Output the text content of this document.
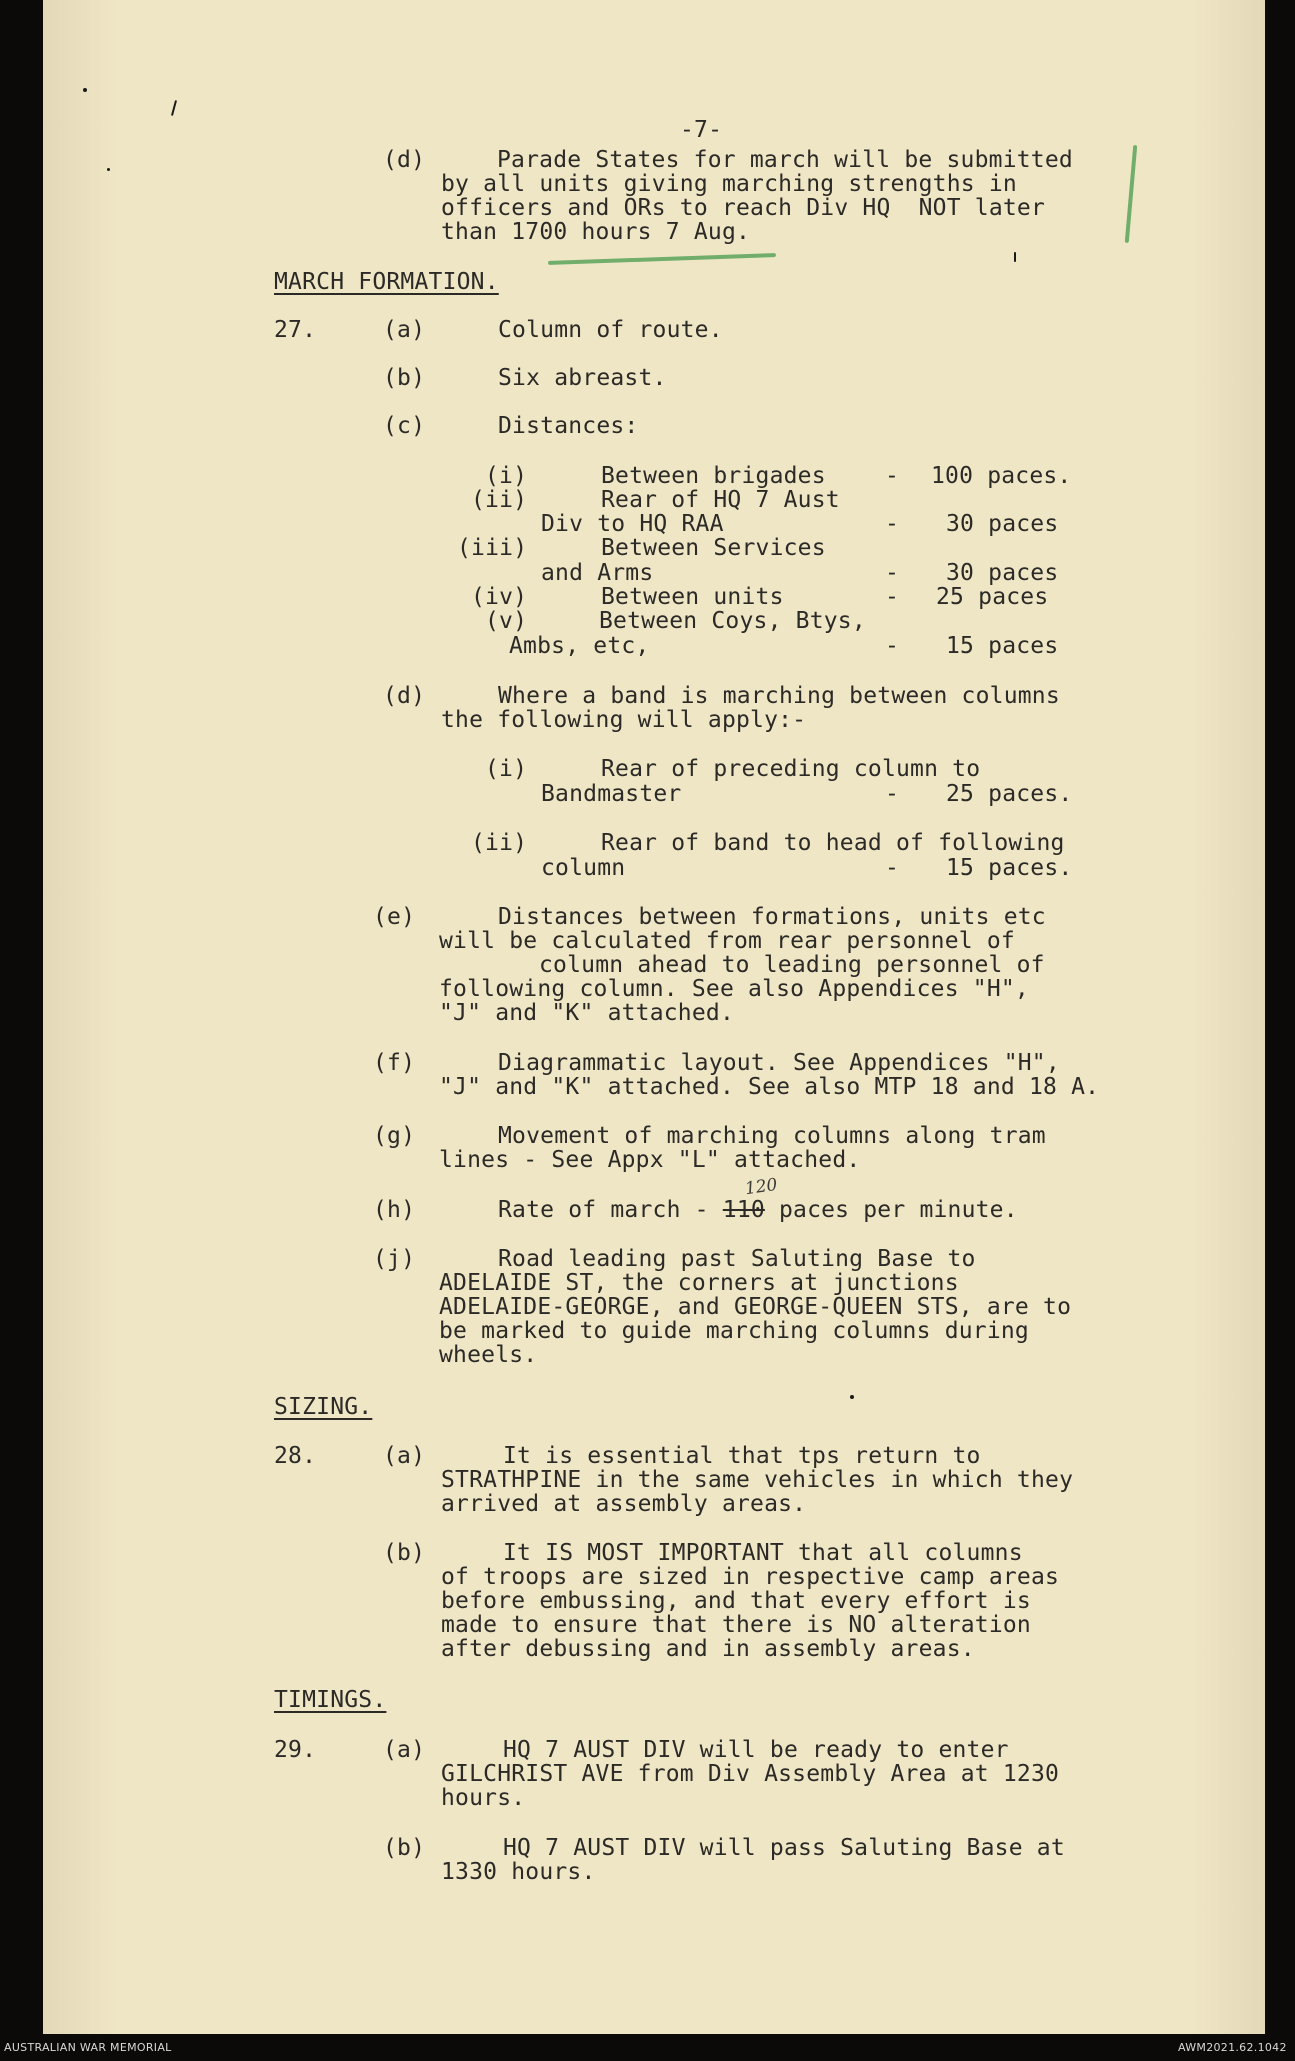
-7-
(d)	Parade States for march will be submitted
by all units giving marching strengths in
officers and ORs to reach Div HQ  NOT later
than 1700 hours 7 Aug.
MARCH FORMATION.
27.	(a)	Column of route.
(b)	Six abreast.
(c)	Distances:
(i)	Between brigades	- 100 paces.
(ii)	Rear of HQ 7 Aust
Div to HQ RAA	- 30 paces
(iii)	Between Services
and Arms	- 30 paces
(iv)	Between units	- 25 paces
(v)	Between Coys, Btys,
Ambs, etc,	- 15 paces
(d)	Where a band is marching between columns
the following will apply:-
(i)	Rear of preceding column to
Bandmaster	- 25 paces.
(ii)	Rear of band to head of following
column	- 15 paces.
(e)	Distances between formations, units etc
will be calculated from rear personnel of
column ahead to leading personnel of
following column. See also Appendices "H",
"J" and "K" attached.
(f)	Diagrammatic layout. See Appendices "H",
"J" and "K" attached. See also MTP 18 and 18 A.
(g)	Movement of marching columns along tram
lines - See Appx "L" attached.
(h)	Rate of march - 110 paces per minute.
120
(j)	Road leading past Saluting Base to
ADELAIDE ST, the corners at junctions
ADELAIDE-GEORGE, and GEORGE-QUEEN STS, are to
be marked to guide marching columns during
wheels.
SIZING.
28.	(a)	It is essential that tps return to
STRATHPINE in the same vehicles in which they
arrived at assembly areas.
(b)	It IS MOST IMPORTANT that all columns
of troops are sized in respective camp areas
before embussing, and that every effort is
made to ensure that there is NO alteration
after debussing and in assembly areas.
TIMINGS.
29.	(a)	HQ 7 AUST DIV will be ready to enter
GILCHRIST AVE from Div Assembly Area at 1230
hours.
(b)	HQ 7 AUST DIV will pass Saluting Base at
1330 hours.
AUSTRALIAN WAR MEMORIAL	AWM2021.62.1042
